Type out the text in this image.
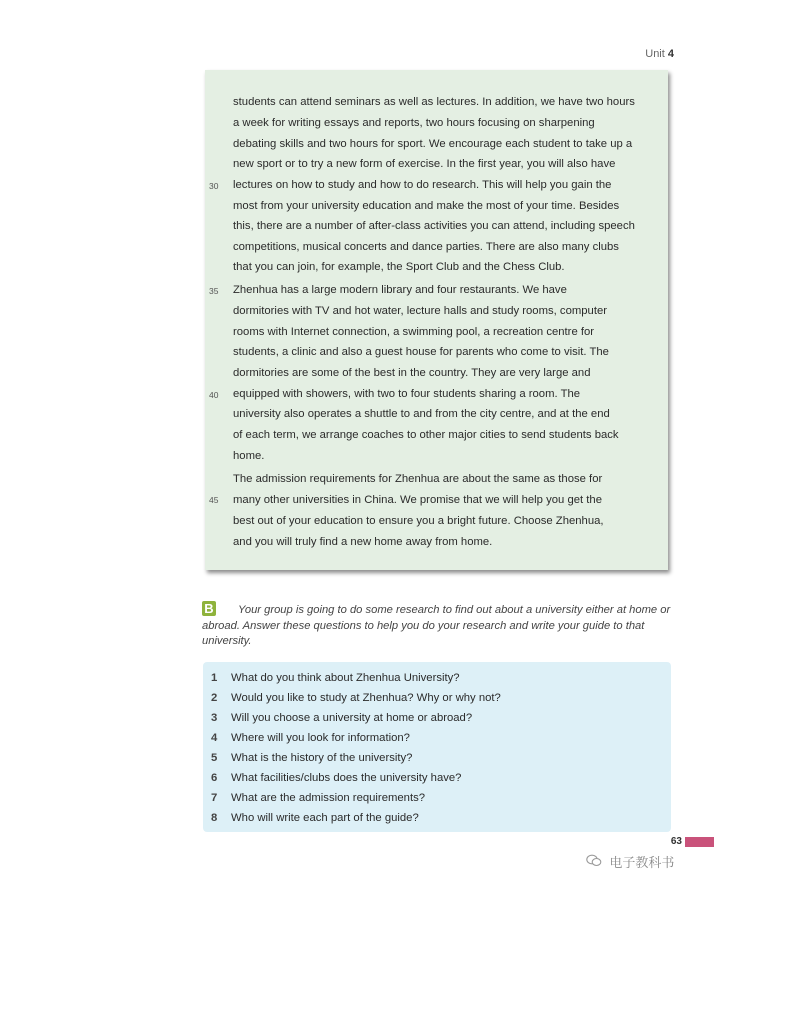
Unit 4
students can attend seminars as well as lectures. In addition, we have two hours
a week for writing essays and reports, two hours focusing on sharpening
debating skills and two hours for sport. We encourage each student to take up a
new sport or to try a new form of exercise. In the first year, you will also have
lectures on how to study and how to do research. This will help you gain the
most from your university education and make the most of your time. Besides
this, there are a number of after-class activities you can attend, including speech
competitions, musical concerts and dance parties. There are also many clubs
that you can join, for example, the Sport Club and the Chess Club.
Zhenhua has a large modern library and four restaurants. We have
dormitories with TV and hot water, lecture halls and study rooms, computer
rooms with Internet connection, a swimming pool, a recreation centre for
students, a clinic and also a guest house for parents who come to visit. The
dormitories are some of the best in the country. They are very large and
equipped with showers, with two to four students sharing a room. The
university also operates a shuttle to and from the city centre, and at the end
of each term, we arrange coaches to other major cities to send students back
home.
The admission requirements for Zhenhua are about the same as those for
many other universities in China. We promise that we will help you get the
best out of your education to ensure you a bright future. Choose Zhenhua,
and you will truly find a new home away from home.
30
35
40
45
B	Your group is going to do some research to find out about a university either at home or abroad. Answer these questions to help you do your research and write your guide to that university.
1 What do you think about Zhenhua University?
2 Would you like to study at Zhenhua? Why or why not?
3 Will you choose a university at home or abroad?
4 Where will you look for information?
5 What is the history of the university?
6 What facilities/clubs does the university have?
7 What are the admission requirements?
8 Who will write each part of the guide?
63
电子教科书
